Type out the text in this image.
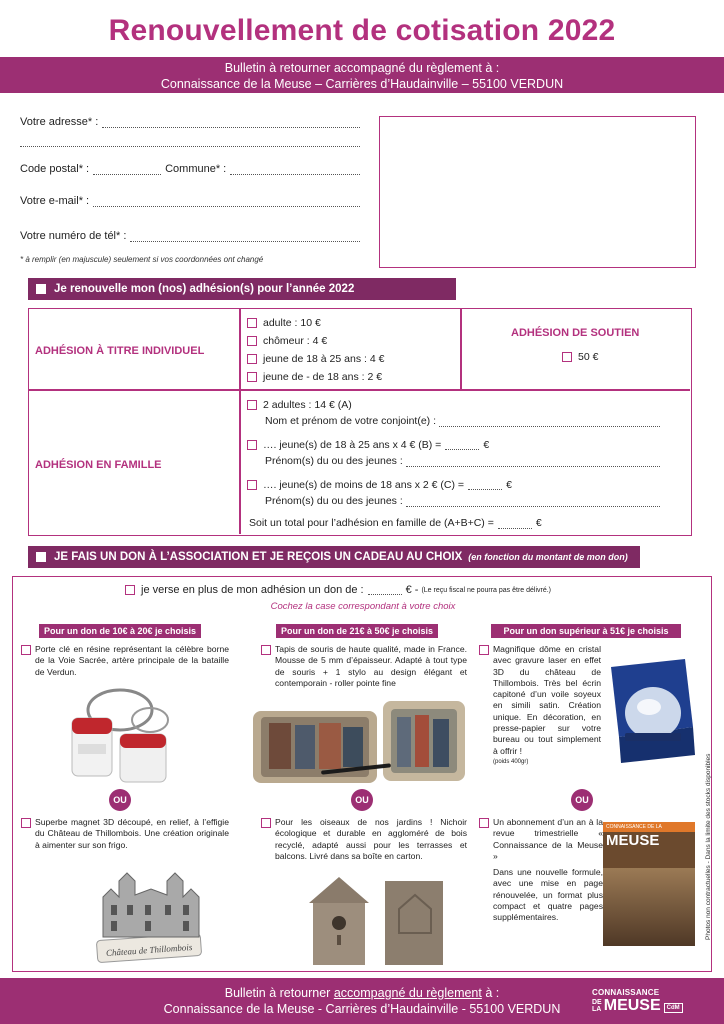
Renouvellement de cotisation 2022
Bulletin à retourner accompagné du règlement à :
Connaissance de la Meuse – Carrières d’Haudainville – 55100 VERDUN
Votre adresse* :
Code postal* :	Commune* :
Votre e-mail* :
Votre numéro de tél* :
* à remplir (en majuscule) seulement si vos coordonnées ont changé
Je renouvelle mon (nos) adhésion(s) pour l’année 2022
ADHÉSION À TITRE INDIVIDUEL
adulte : 10 €
chômeur : 4 €
jeune de 18 à 25 ans : 4 €
jeune de - de 18 ans : 2 €
ADHÉSION DE SOUTIEN
50 €
ADHÉSION EN FAMILLE
2 adultes : 14 € (A)
Nom et prénom de votre conjoint(e) :
…. jeune(s) de 18 à 25 ans x 4 € (B) =	€
Prénom(s) du ou des jeunes :
…. jeune(s) de moins de 18 ans x 2 € (C) =	€
Prénom(s) du ou des jeunes :
Soit un total pour l’adhésion en famille de (A+B+C) =	€
JE FAIS UN DON À L’ASSOCIATION ET JE REÇOIS UN CADEAU AU CHOIX (en fonction du montant de mon don)
je verse en plus de mon adhésion un don de :	€ - (Le reçu fiscal ne pourra pas être délivré.)
Cochez la case correspondant à votre choix
Pour un don de 10€ à 20€ je choisis	Pour un don de 21€ à 50€ je choisis	Pour un don supérieur à 51€ je choisis

Porte clé en résine représentant la célèbre borne de la Voie Sacrée, artère principale de la bataille de Verdun.

Tapis de souris de haute qualité, made in France. Mousse de 5 mm d’épaisseur. Adapté à tout type de souris + 1 stylo au design élégant et contemporain - roller pointe fine

Magnifique dôme en cristal avec gravure laser en effet 3D du château de Thillombois. Très bel écrin capitoné d’un voile soyeux en simili satin. Création unique. En décoration, en presse-papier sur votre bureau ou tout simplement à offrir !

(poids 400gr)

OU	OU	OU

Superbe magnet 3D découpé, en relief, à l’effigie du Château de Thillombois. Une création originale à aimenter sur son frigo.

Château de Thillombois

Pour les oiseaux de nos jardins ! Nichoir écologique et durable en aggloméré de bois recyclé, adapté aussi pour les terrasses et balcons. Livré dans sa boîte en carton.

Un abonnement d’un an à la revue trimestrielle « Connaissance de la Meuse »

Dans une nouvelle formule, avec une mise en page rénouvelée, un format plus compact et quatre pages supplémentaires.

CONNAISSANCE DE LA
MEUSE	Photos non contractuelles - Dans la limite des stocks disponibles
Bulletin à retourner accompagné du règlement à :
Connaissance de la Meuse - Carrières d’Haudainville - 55100 VERDUN
CONNAISSANCE
DE
LA MEUSE	CdM
